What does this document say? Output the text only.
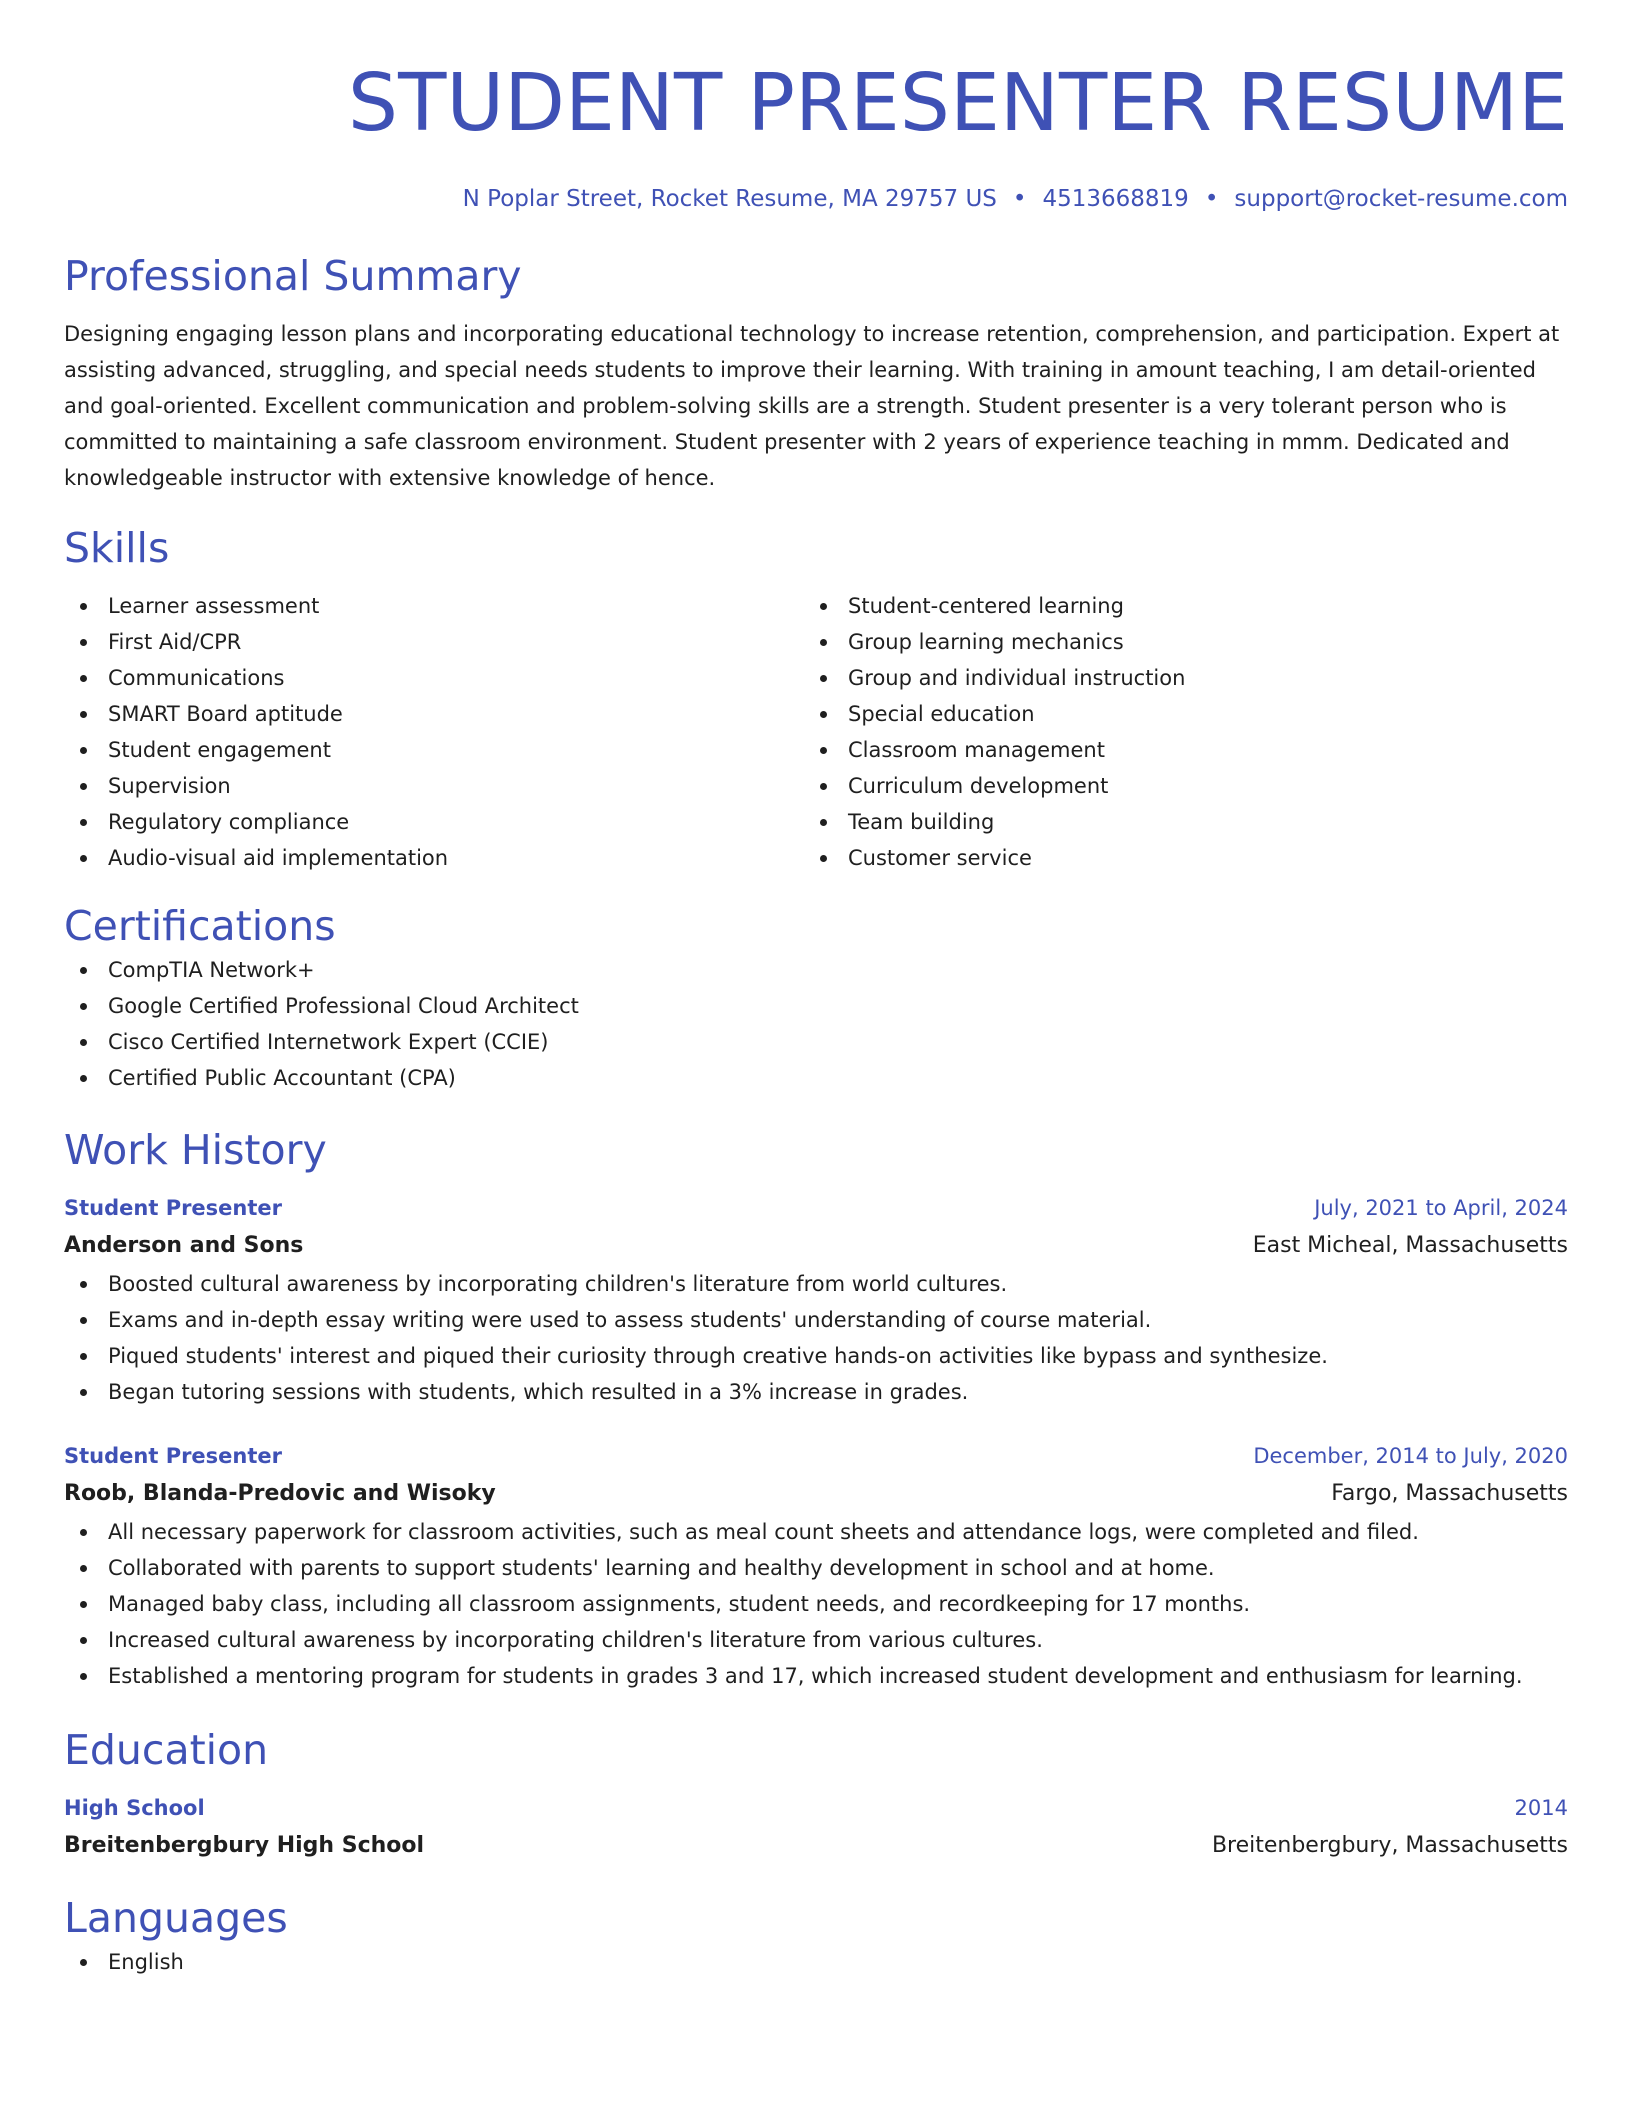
STUDENT PRESENTER RESUME
N Poplar Street, Rocket Resume, MA 29757 US • 4513668819 • support@rocket-resume.com
Professional Summary
Designing engaging lesson plans and incorporating educational technology to increase retention, comprehension, and participation. Expert at assisting advanced, struggling, and special needs students to improve their learning. With training in amount teaching, I am detail-oriented and goal-oriented. Excellent communication and problem-solving skills are a strength. Student presenter is a very tolerant person who is committed to maintaining a safe classroom environment. Student presenter with 2 years of experience teaching in mmm. Dedicated and knowledgeable instructor with extensive knowledge of hence.
Skills
Learner assessment
First Aid/CPR
Communications
SMART Board aptitude
Student engagement
Supervision
Regulatory compliance
Audio-visual aid implementation
Student-centered learning
Group learning mechanics
Group and individual instruction
Special education
Classroom management
Curriculum development
Team building
Customer service
Certifications
CompTIA Network+
Google Certified Professional Cloud Architect
Cisco Certified Internetwork Expert (CCIE)
Certified Public Accountant (CPA)
Work History
Student Presenter	July, 2021 to April, 2024
Anderson and Sons	East Micheal, Massachusetts
Boosted cultural awareness by incorporating children's literature from world cultures.
Exams and in-depth essay writing were used to assess students' understanding of course material.
Piqued students' interest and piqued their curiosity through creative hands-on activities like bypass and synthesize.
Began tutoring sessions with students, which resulted in a 3% increase in grades.
Student Presenter	December, 2014 to July, 2020
Roob, Blanda-Predovic and Wisoky	Fargo, Massachusetts
All necessary paperwork for classroom activities, such as meal count sheets and attendance logs, were completed and filed.
Collaborated with parents to support students' learning and healthy development in school and at home.
Managed baby class, including all classroom assignments, student needs, and recordkeeping for 17 months.
Increased cultural awareness by incorporating children's literature from various cultures.
Established a mentoring program for students in grades 3 and 17, which increased student development and enthusiasm for learning.
Education
High School	2014
Breitenbergbury High School	Breitenbergbury, Massachusetts
Languages
English
